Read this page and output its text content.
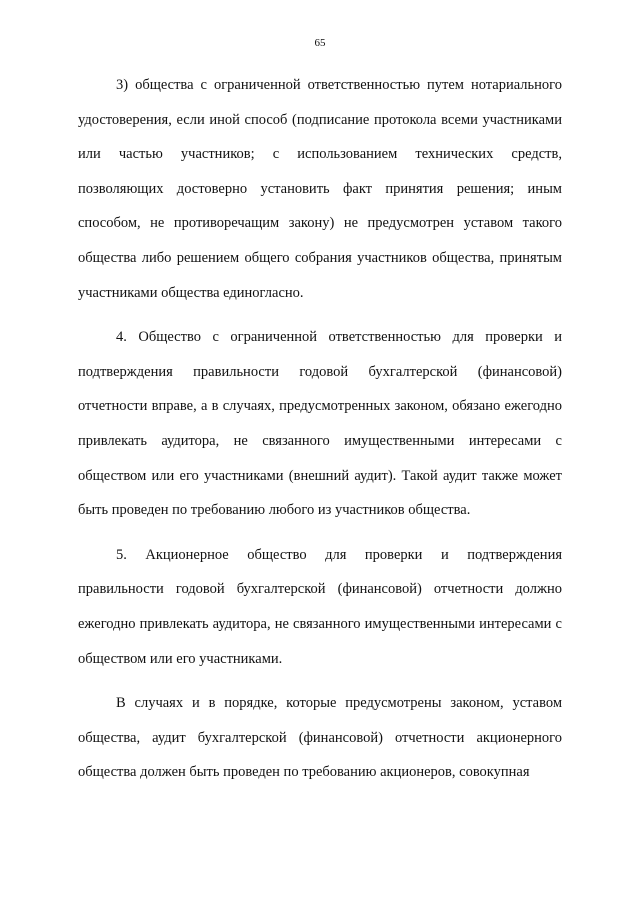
65

3) общества с ограниченной ответственностью путем нотариального удостоверения, если иной способ (подписание протокола всеми участниками или частью участников; с использованием технических средств, позволяющих достоверно установить факт принятия решения; иным способом, не противоречащим закону) не предусмотрен уставом такого общества либо решением общего собрания участников общества, принятым участниками общества единогласно.

4. Общество с ограниченной ответственностью для проверки и подтверждения правильности годовой бухгалтерской (финансовой) отчетности вправе, а в случаях, предусмотренных законом, обязано ежегодно привлекать аудитора, не связанного имущественными интересами с обществом или его участниками (внешний аудит). Такой аудит также может быть проведен по требованию любого из участников общества.

5. Акционерное общество для проверки и подтверждения правильности годовой бухгалтерской (финансовой) отчетности должно ежегодно привлекать аудитора, не связанного имущественными интересами с обществом или его участниками.

В случаях и в порядке, которые предусмотрены законом, уставом общества, аудит бухгалтерской (финансовой) отчетности акционерного общества должен быть проведен по требованию акционеров, совокупная
